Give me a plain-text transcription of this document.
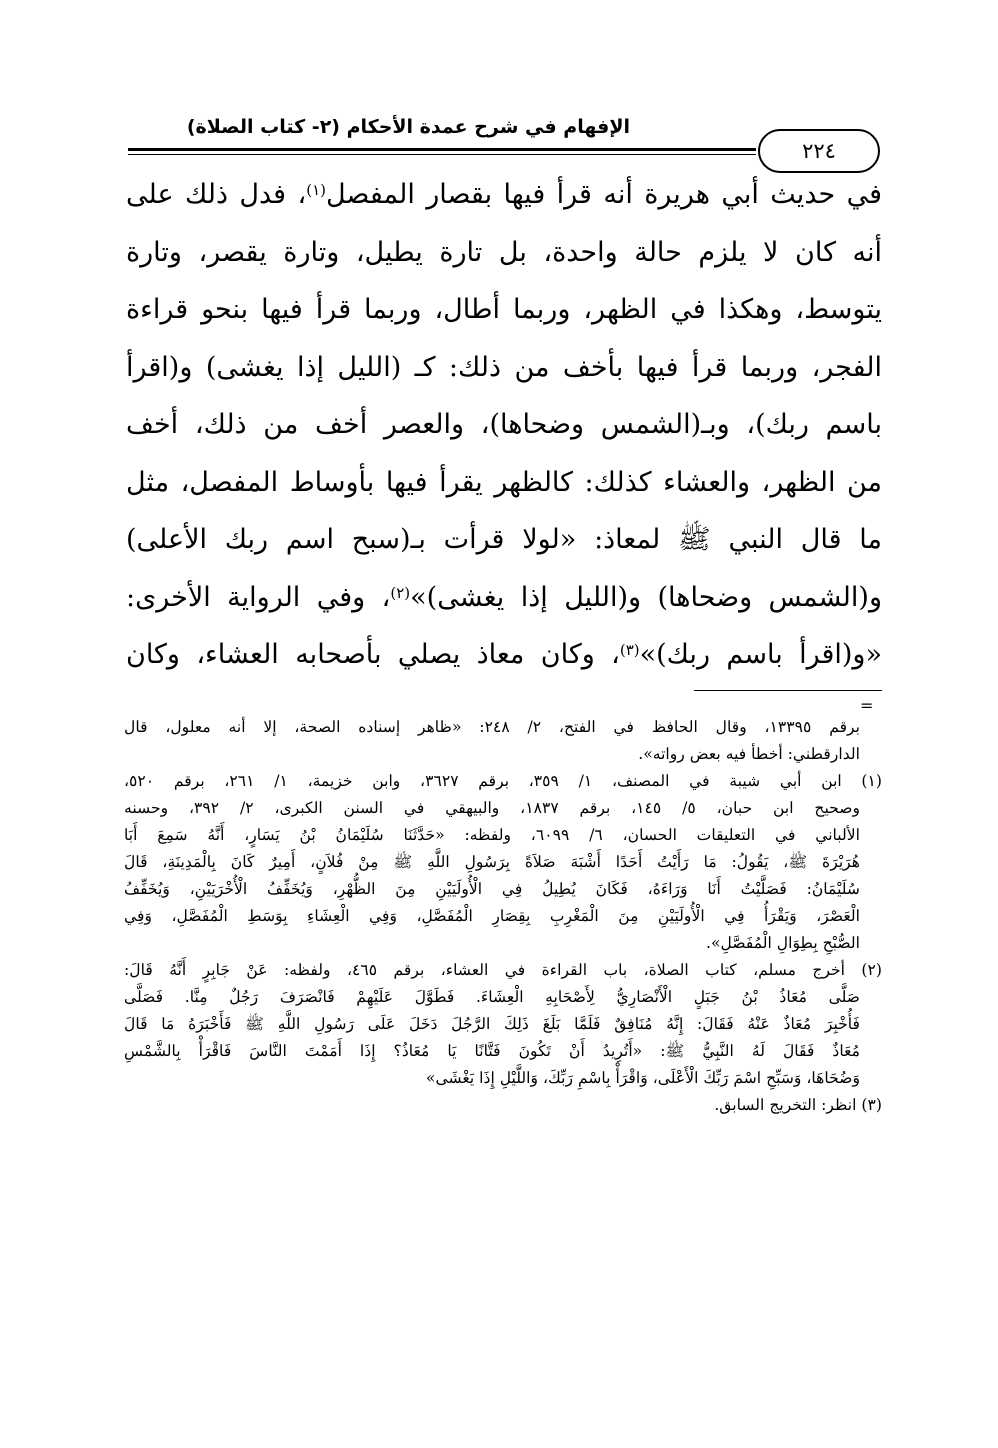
الإفهام في شرح عمدة الأحكام (٢- كتاب الصلاة)
٢٢٤
في حديث أبي هريرة أنه قرأ فيها بقصار المفصل$^{(١)}$، فدل ذلك على
أنه كان لا يلزم حالة واحدة، بل تارة يطيل، وتارة يقصر، وتارة
يتوسط، وهكذا في الظهر، وربما أطال، وربما قرأ فيها بنحو قراءة
الفجر، وربما قرأ فيها بأخف من ذلك: كـ (الليل إذا يغشى) و(اقرأ
باسم ربك)، وبـ(الشمس وضحاها)، والعصر أخف من ذلك، أخف
من الظهر، والعشاء كذلك: كالظهر يقرأ فيها بأوساط المفصل، مثل
ما قال النبي ﷺ لمعاذ: «لولا قرأت بـ(سبح اسم ربك الأعلى)
و(الشمس وضحاها) و(الليل إذا يغشى)»$^{(٢)}$، وفي الرواية الأخرى:
«و(اقرأ باسم ربك)»$^{(٣)}$، وكان معاذ يصلي بأصحابه العشاء، وكان
=
برقم ١٣٣٩٥، وقال الحافظ في الفتح، ٢/ ٢٤٨: «ظاهر إسناده الصحة، إلا أنه معلول، قال
الدارقطني: أخطأ فيه بعض رواته».
(١) ابن أبي شيبة في المصنف، ١/ ٣٥٩، برقم ٣٦٢٧، وابن خزيمة، ١/ ٢٦١، برقم ٥٢٠،
وصحيح ابن حبان، ٥/ ١٤٥، برقم ١٨٣٧، والبيهقي في السنن الكبرى، ٢/ ٣٩٢، وحسنه
الألباني في التعليقات الحسان، ٦/ ٦٠٩٩، ولفظه: «حَدَّثَنَا سُلَيْمَانُ بْنُ يَسَارٍ، أَنَّهُ سَمِعَ أَبَا
هُرَيْرَةَ ﷺ، يَقُولُ: مَا رَأَيْتُ أَحَدًا أَشْبَهَ صَلاَةً بِرَسُولِ اللَّهِ ﷺ مِنْ فُلاَنٍ، أَمِيرٌ كَانَ بِالْمَدِينَةِ، قَالَ
سُلَيْمَانُ: فَصَلَّيْتُ أَنَا وَرَاءَهُ، فَكَانَ يُطِيلُ فِي الْأُولَيَيْنِ مِنَ الظُّهْرِ، وَيُخَفِّفُ الْأُخْرَيَيْنِ، وَيُخَفِّفُ
الْعَصْرَ، وَيَقْرَأُ فِي الْأُولَيَيْنِ مِنَ الْمَغْرِبِ بِقِصَارِ الْمُفَصَّلِ، وَفِي الْعِشَاءِ بِوَسَطِ الْمُفَصَّلِ، وَفِي
الصُّبْحِ بِطِوَالِ الْمُفَصَّلِ».
(٢) أخرج مسلم، كتاب الصلاة، باب القراءة في العشاء، برقم ٤٦٥، ولفظه: عَنْ جَابِرٍ أَنَّهُ قَالَ:
صَلَّى مُعَاذُ بْنُ جَبَلٍ الْأَنْصَارِيُّ لِأَصْحَابِهِ الْعِشَاءَ. فَطَوَّلَ عَلَيْهِمْ فَانْصَرَفَ رَجُلٌ مِنَّا. فَصَلَّى
فَأُخْبِرَ مُعَاذٌ عَنْهُ فَقَالَ: إِنَّهُ مُنَافِقٌ فَلَمَّا بَلَغَ ذَلِكَ الرَّجُلَ دَخَلَ عَلَى رَسُولِ اللَّهِ ﷺ فَأَخْبَرَهُ مَا قَالَ
مُعَاذٌ فَقَالَ لَهُ النَّبِيُّ ﷺ: «أَتُرِيدُ أَنْ تَكُونَ فَتَّانًا يَا مُعَاذُ؟ إِذَا أَمَمْتَ النَّاسَ فَاقْرَأْ بِالشَّمْسِ
وَضُحَاهَا، وَسَبِّحِ اسْمَ رَبِّكَ الْأَعْلَى، وَاقْرَأْ بِاسْمِ رَبِّكَ، وَاللَّيْلِ إِذَا يَغْشَى»
(٣) انظر: التخريج السابق.
